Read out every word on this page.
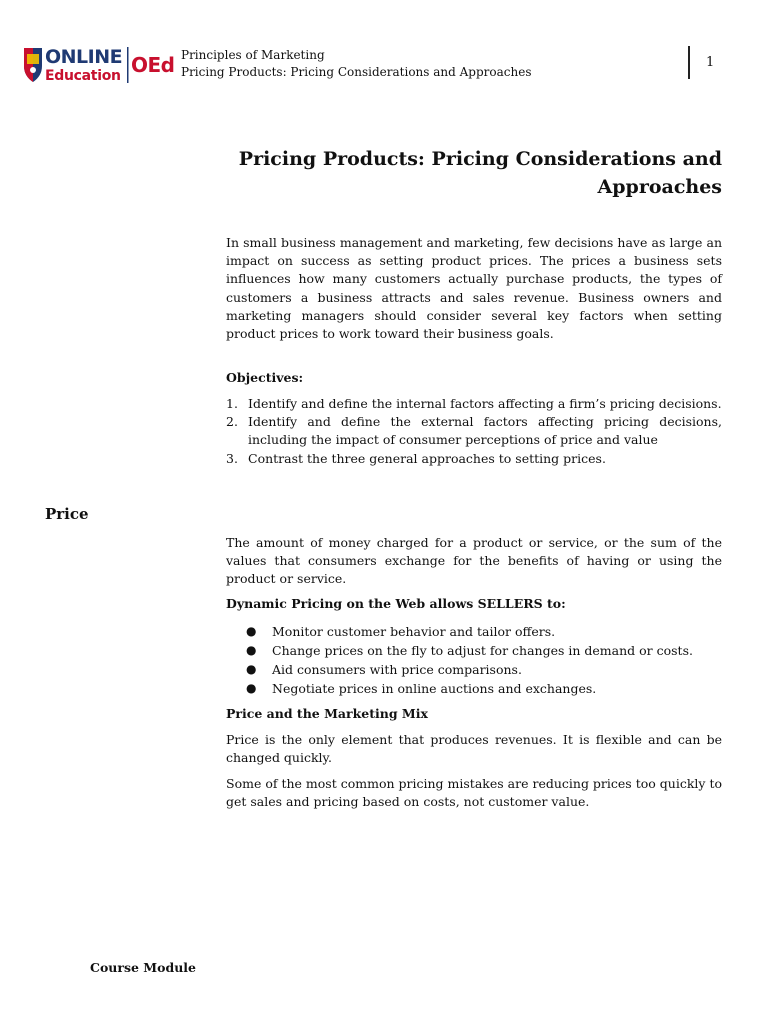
ONLINE
Education OEd Principles of Marketing
Pricing Products: Pricing Considerations and Approaches
1
Pricing Products: Pricing Considerations and Approaches
In small business management and marketing, few decisions have as large an impact on success as setting product prices. The prices a business sets influences how many customers actually purchase products, the types of customers a business attracts and sales revenue. Business owners and marketing managers should consider several key factors when setting product prices to work toward their business goals.
Objectives:
1. Identify and define the internal factors affecting a firm’s pricing decisions.
2. Identify and define the external factors affecting pricing decisions, including the impact of consumer perceptions of price and value
3. Contrast the three general approaches to setting prices.
Price
The amount of money charged for a product or service, or the sum of the values that consumers exchange for the benefits of having or using the product or service.
Dynamic Pricing on the Web allows SELLERS to:
● Monitor customer behavior and tailor offers.
● Change prices on the fly to adjust for changes in demand or costs.
● Aid consumers with price comparisons.
● Negotiate prices in online auctions and exchanges.
Price and the Marketing Mix
Price is the only element that produces revenues. It is flexible and can be changed quickly.
Some of the most common pricing mistakes are reducing prices too quickly to get sales and pricing based on costs, not customer value.
Course Module
